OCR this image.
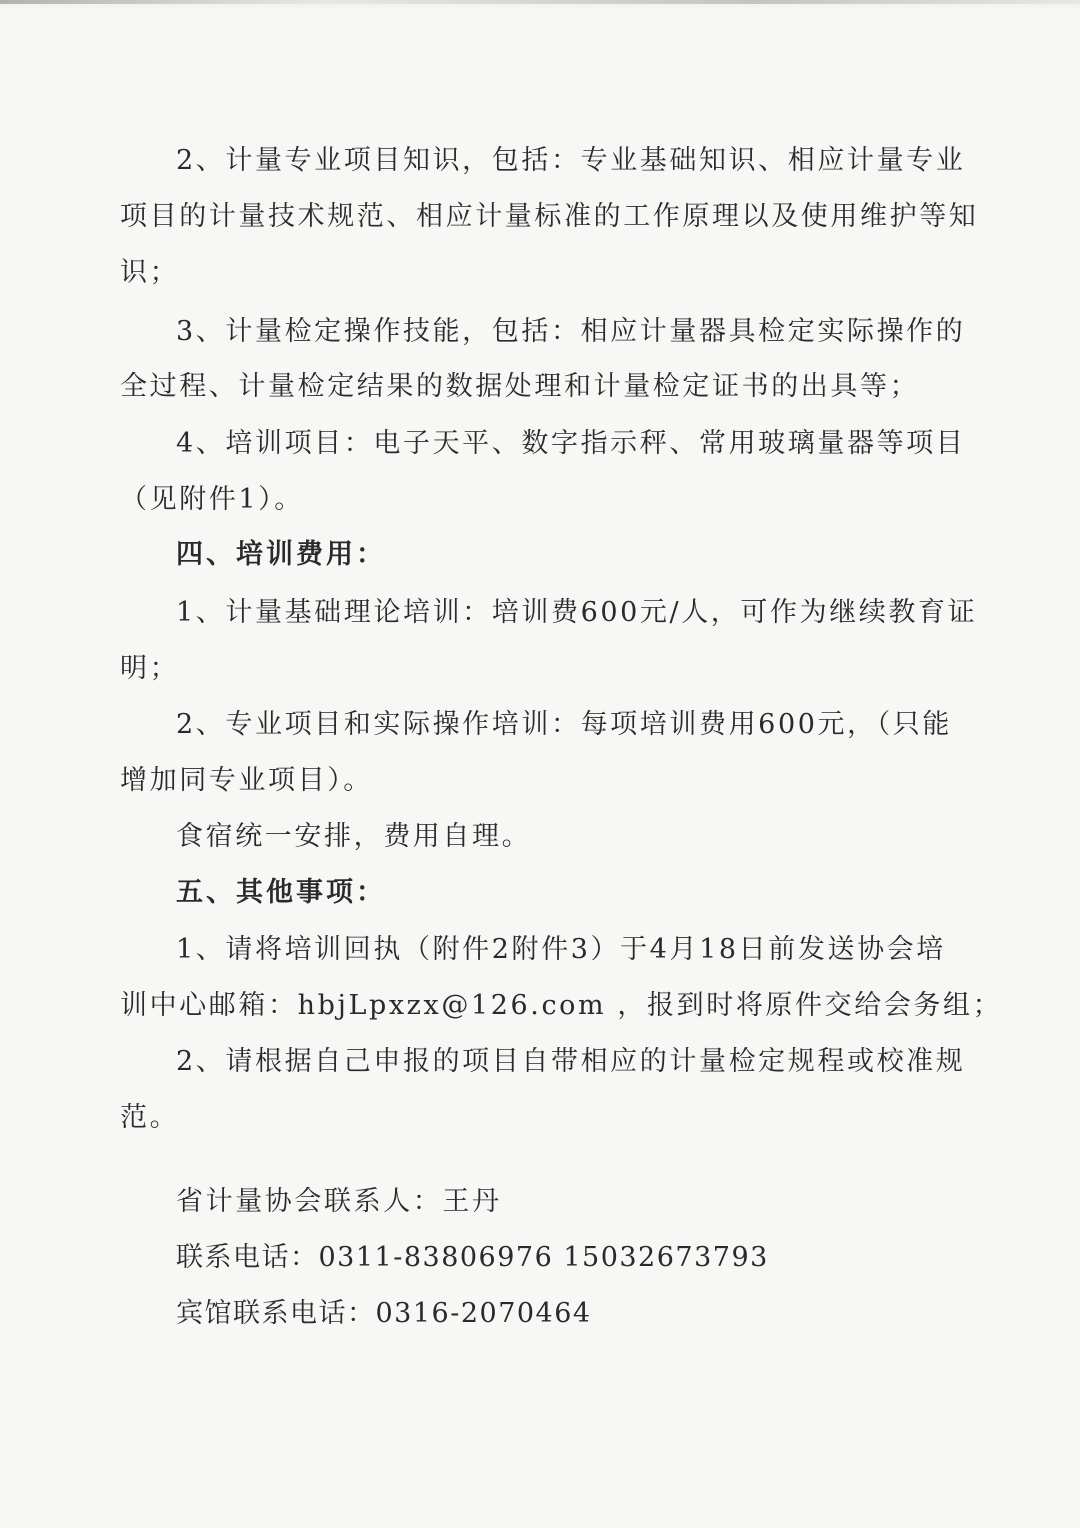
2、计量专业项目知识，包括：专业基础知识、相应计量专业
项目的计量技术规范、相应计量标准的工作原理以及使用维护等知
识；
3、计量检定操作技能，包括：相应计量器具检定实际操作的
全过程、计量检定结果的数据处理和计量检定证书的出具等；
4、培训项目：电子天平、数字指示秤、常用玻璃量器等项目
（见附件1）。
四、培训费用：
1、计量基础理论培训：培训费600元/人，可作为继续教育证
明；
2、专业项目和实际操作培训：每项培训费用600元，（只能
增加同专业项目）。
食宿统一安排，费用自理。
五、其他事项：
1、请将培训回执（附件2附件3）于4月18日前发送协会培
训中心邮箱：hbjLpxzx@126.com ，报到时将原件交给会务组；
2、请根据自己申报的项目自带相应的计量检定规程或校准规
范。
省计量协会联系人：王丹
联系电话：0311-83806976 15032673793
宾馆联系电话：0316-2070464
